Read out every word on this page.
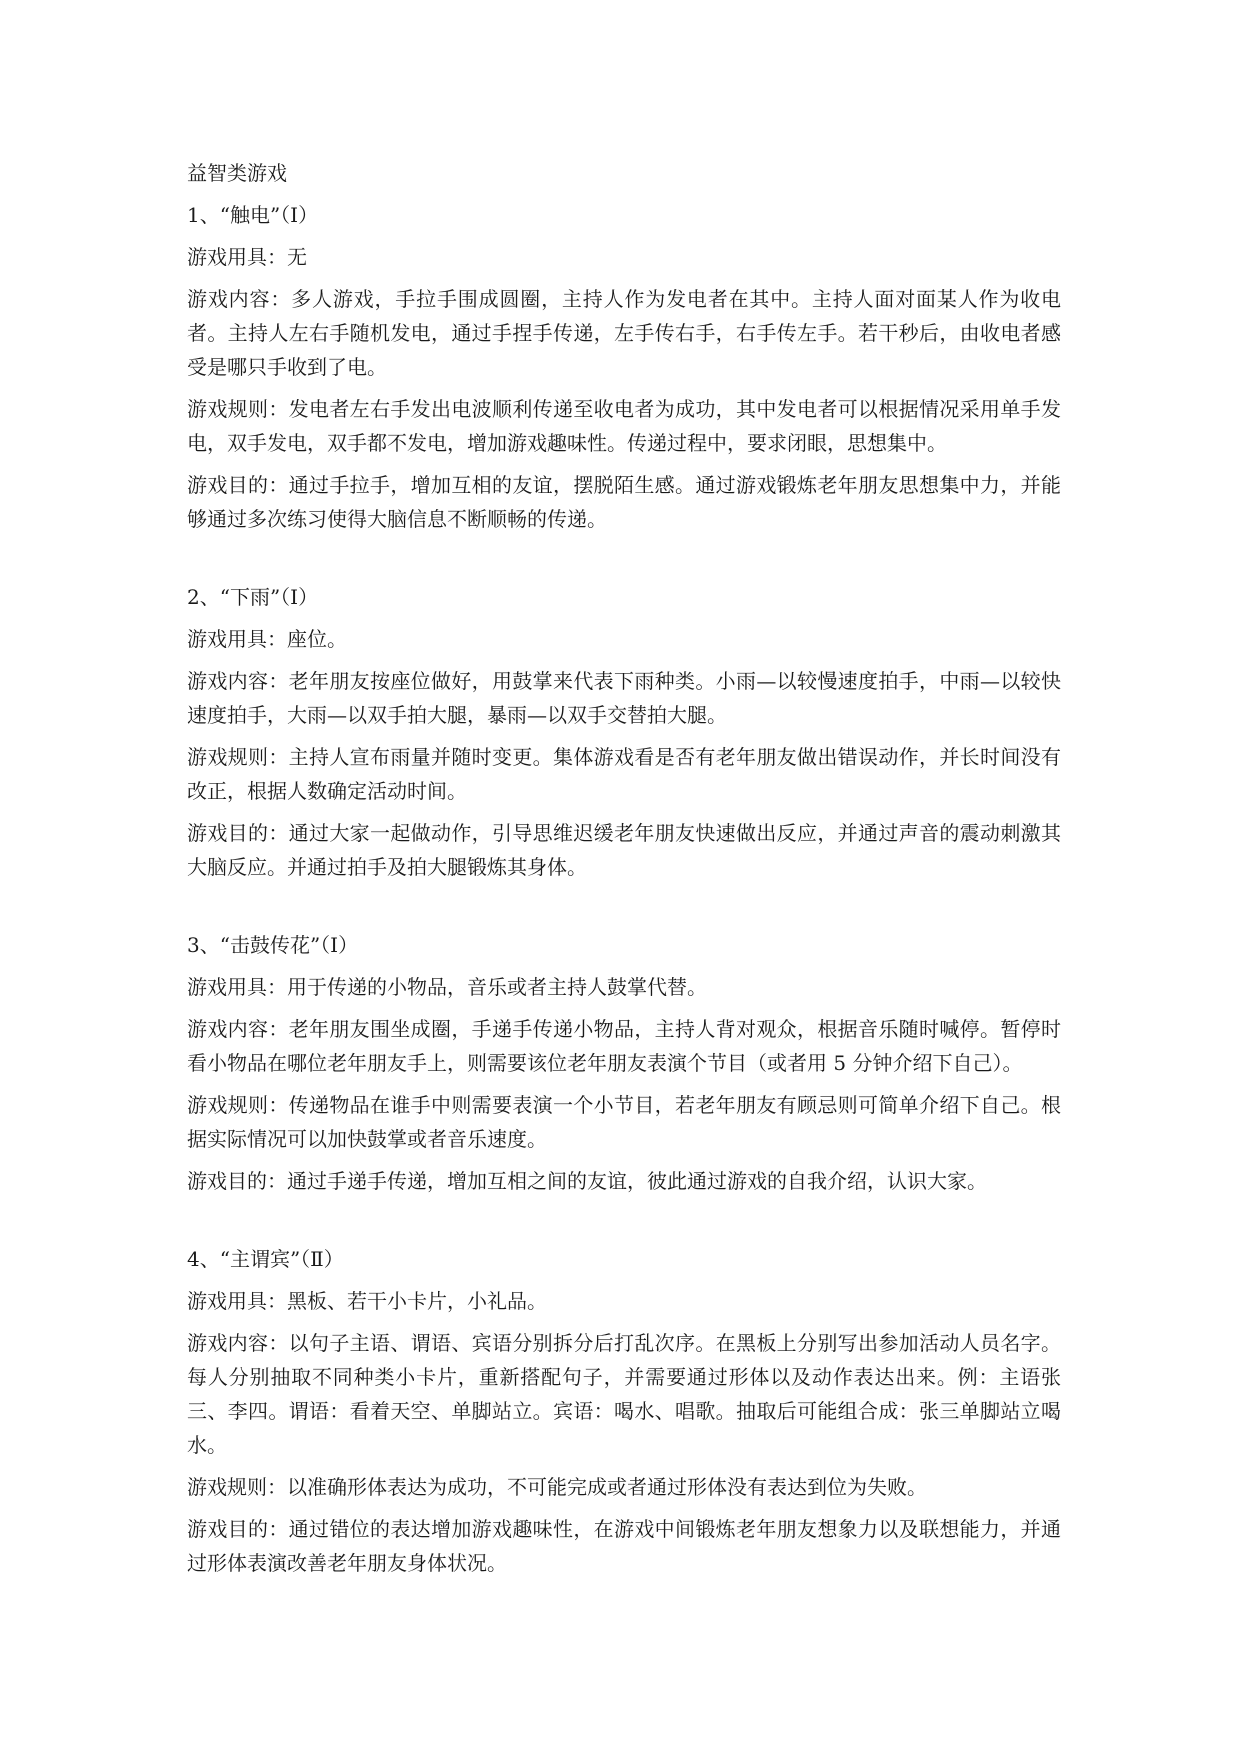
益智类游戏
1、“触电”（Ⅰ）

游戏用具：无

游戏内容：多人游戏，手拉手围成圆圈，主持人作为发电者在其中。主持人面对面某人作为收电者。主持人左右手随机发电，通过手捏手传递，左手传右手，右手传左手。若干秒后，由收电者感受是哪只手收到了电。

游戏规则：发电者左右手发出电波顺利传递至收电者为成功，其中发电者可以根据情况采用单手发电，双手发电，双手都不发电，增加游戏趣味性。传递过程中，要求闭眼，思想集中。

游戏目的：通过手拉手，增加互相的友谊，摆脱陌生感。通过游戏锻炼老年朋友思想集中力，并能够通过多次练习使得大脑信息不断顺畅的传递。

2、“下雨”（Ⅰ）

游戏用具：座位。

游戏内容：老年朋友按座位做好，用鼓掌来代表下雨种类。小雨—以较慢速度拍手，中雨—以较快速度拍手，大雨—以双手拍大腿，暴雨—以双手交替拍大腿。

游戏规则：主持人宣布雨量并随时变更。集体游戏看是否有老年朋友做出错误动作，并长时间没有改正，根据人数确定活动时间。

游戏目的：通过大家一起做动作，引导思维迟缓老年朋友快速做出反应，并通过声音的震动刺激其大脑反应。并通过拍手及拍大腿锻炼其身体。

3、“击鼓传花”（Ⅰ）

游戏用具：用于传递的小物品，音乐或者主持人鼓掌代替。

游戏内容：老年朋友围坐成圈，手递手传递小物品，主持人背对观众，根据音乐随时喊停。暂停时看小物品在哪位老年朋友手上，则需要该位老年朋友表演个节目（或者用 5 分钟介绍下自己）。

游戏规则：传递物品在谁手中则需要表演一个小节目，若老年朋友有顾忌则可简单介绍下自己。根据实际情况可以加快鼓掌或者音乐速度。

游戏目的：通过手递手传递，增加互相之间的友谊，彼此通过游戏的自我介绍，认识大家。

4、“主谓宾”（Ⅱ）

游戏用具：黑板、若干小卡片，小礼品。

游戏内容：以句子主语、谓语、宾语分别拆分后打乱次序。在黑板上分别写出参加活动人员名字。每人分别抽取不同种类小卡片，重新搭配句子，并需要通过形体以及动作表达出来。例：主语张三、李四。谓语：看着天空、单脚站立。宾语：喝水、唱歌。抽取后可能组合成：张三单脚站立喝水。

游戏规则：以准确形体表达为成功，不可能完成或者通过形体没有表达到位为失败。

游戏目的：通过错位的表达增加游戏趣味性，在游戏中间锻炼老年朋友想象力以及联想能力，并通过形体表演改善老年朋友身体状况。
